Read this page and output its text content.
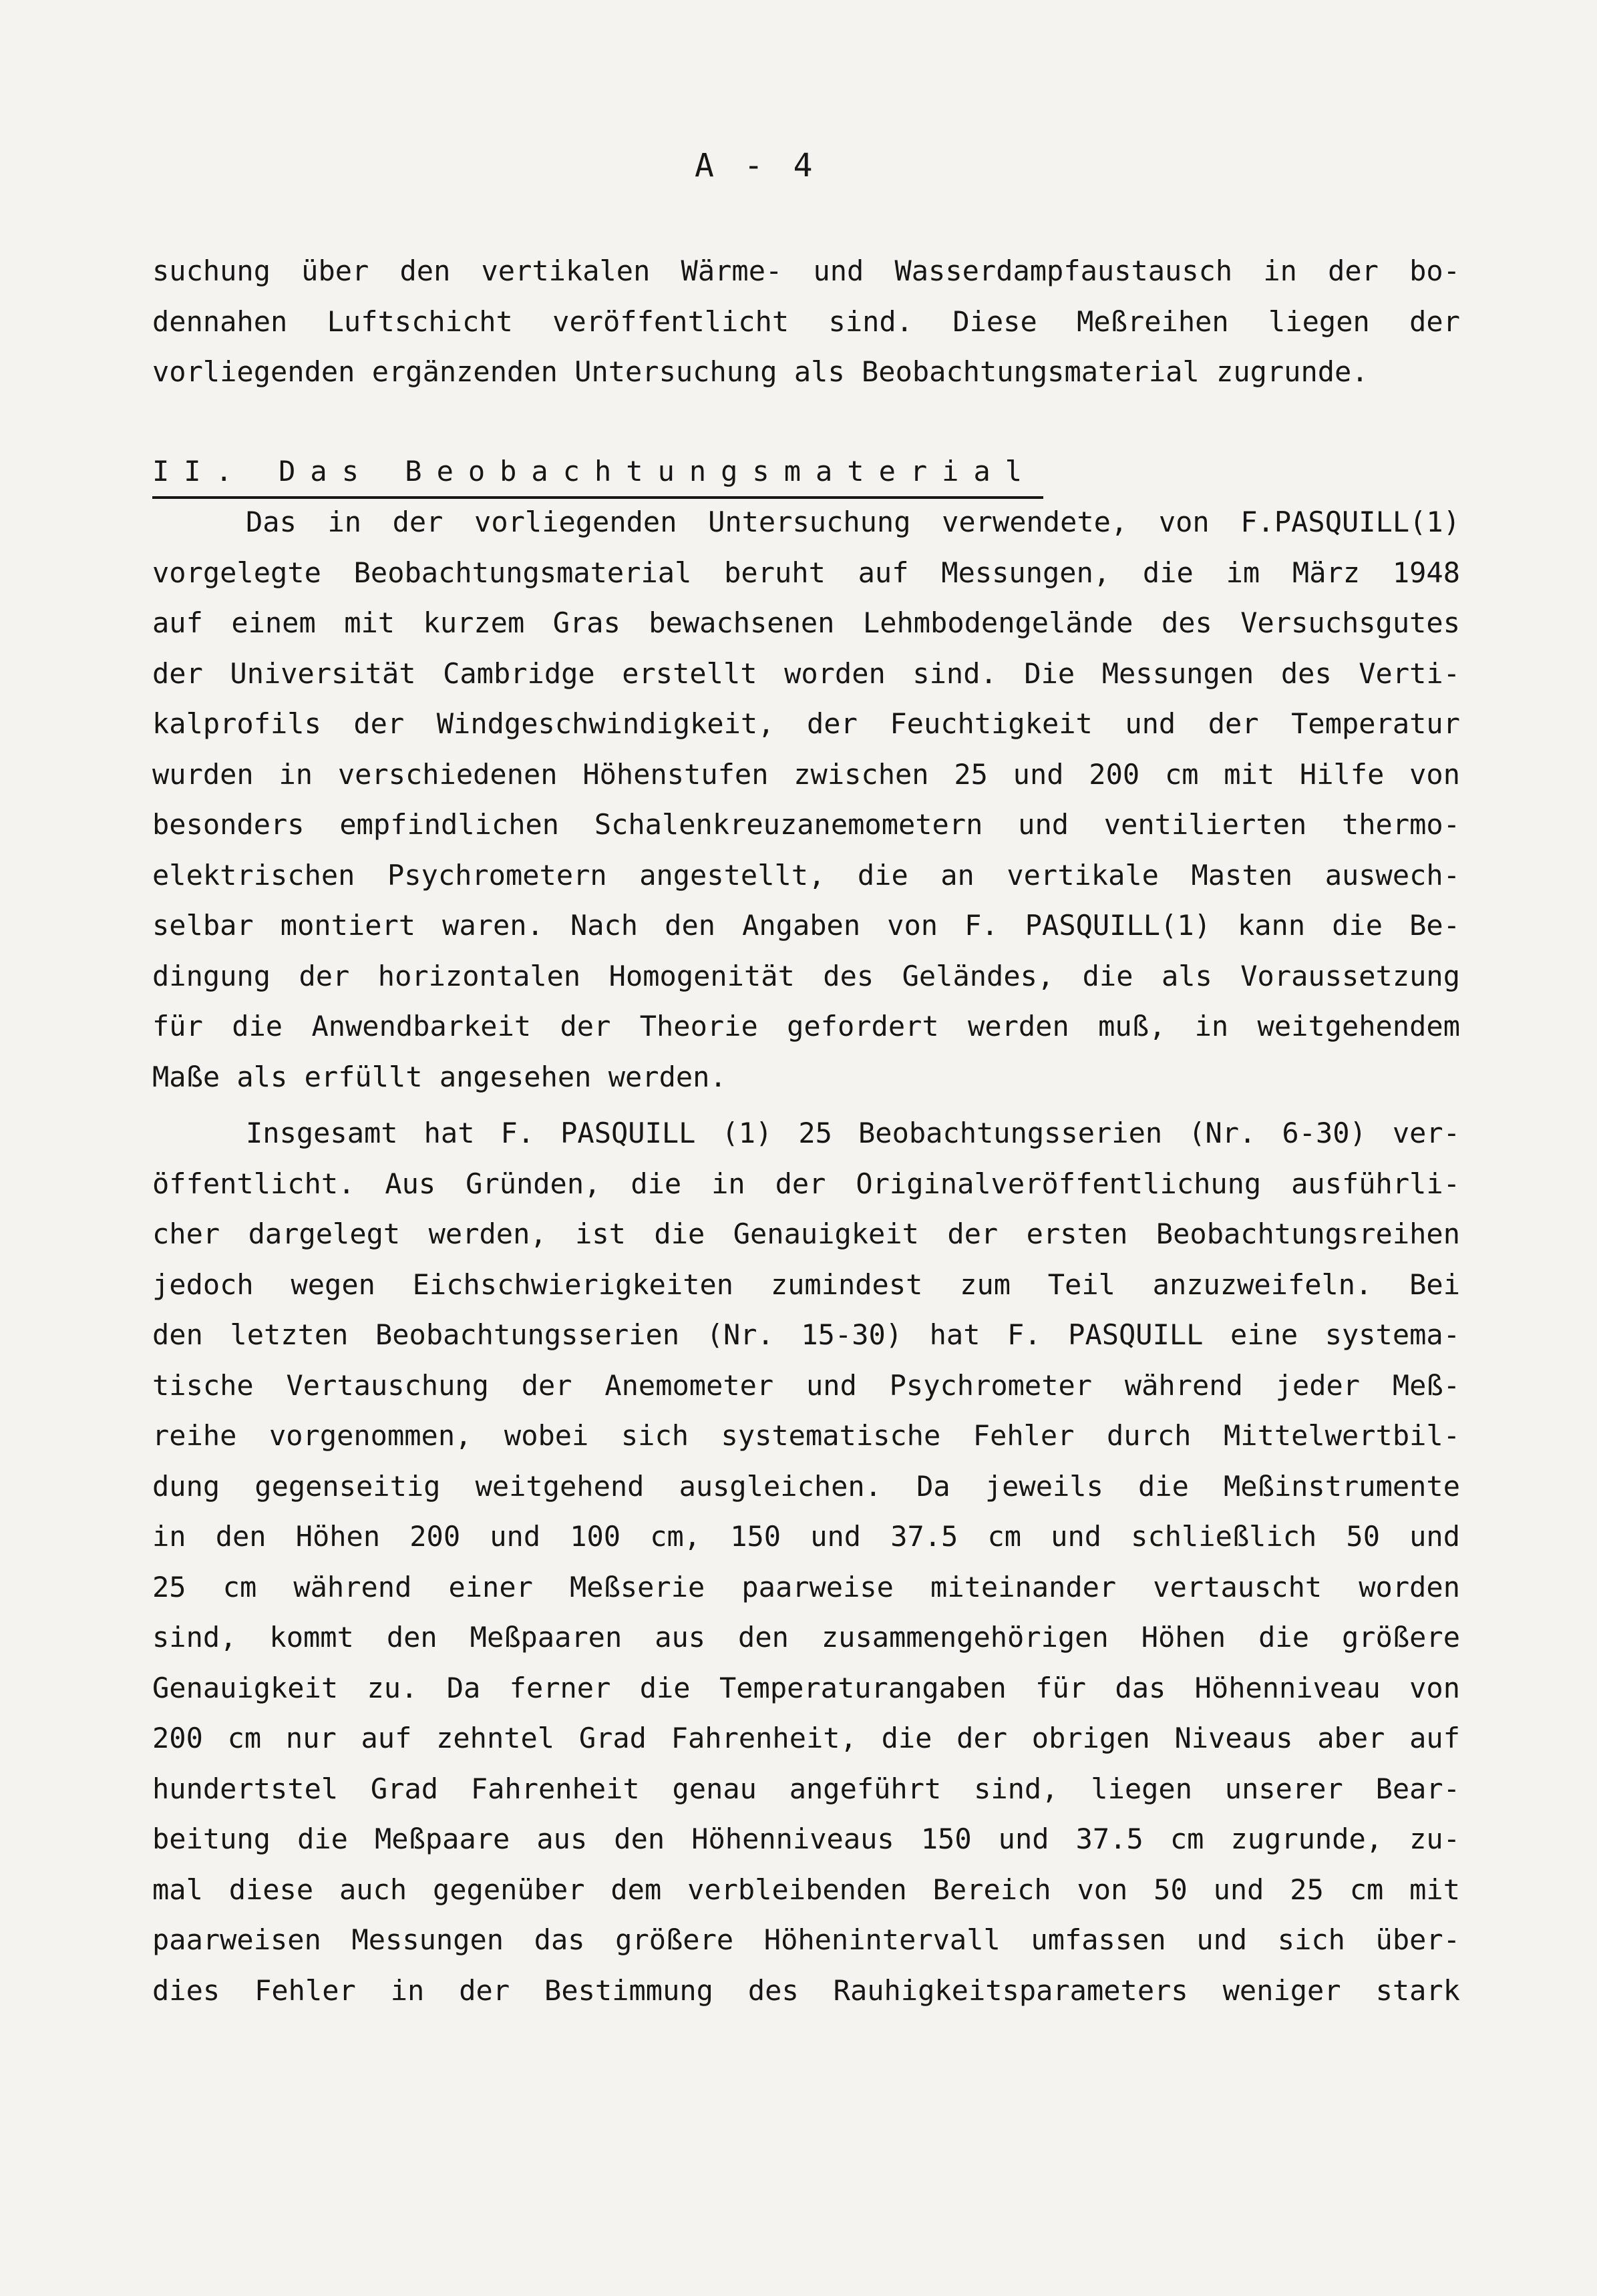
A - 4
suchung über den vertikalen Wärme- und Wasserdampfaustausch in der bo-
dennahen Luftschicht veröffentlicht sind. Diese Meßreihen liegen der
vorliegenden ergänzenden Untersuchung als Beobachtungsmaterial zugrunde.
II. Das Beobachtungsmaterial
Das in der vorliegenden Untersuchung verwendete, von F.PASQUILL(1)
vorgelegte Beobachtungsmaterial beruht auf Messungen, die im März 1948
auf einem mit kurzem Gras bewachsenen Lehmbodengelände des Versuchsgutes
der Universität Cambridge erstellt worden sind. Die Messungen des Verti-
kalprofils der Windgeschwindigkeit, der Feuchtigkeit und der Temperatur
wurden in verschiedenen Höhenstufen zwischen 25 und 200 cm mit Hilfe von
besonders empfindlichen Schalenkreuzanemometern und ventilierten thermo-
elektrischen Psychrometern angestellt, die an vertikale Masten auswech-
selbar montiert waren. Nach den Angaben von F. PASQUILL(1) kann die Be-
dingung der horizontalen Homogenität des Geländes, die als Voraussetzung
für die Anwendbarkeit der Theorie gefordert werden muß, in weitgehendem
Maße als erfüllt angesehen werden.
Insgesamt hat F. PASQUILL (1) 25 Beobachtungsserien (Nr. 6-30) ver-
öffentlicht. Aus Gründen, die in der Originalveröffentlichung ausführli-
cher dargelegt werden, ist die Genauigkeit der ersten Beobachtungsreihen
jedoch wegen Eichschwierigkeiten zumindest zum Teil anzuzweifeln. Bei
den letzten Beobachtungsserien (Nr. 15-30) hat F. PASQUILL eine systema-
tische Vertauschung der Anemometer und Psychrometer während jeder Meß-
reihe vorgenommen, wobei sich systematische Fehler durch Mittelwertbil-
dung gegenseitig weitgehend ausgleichen. Da jeweils die Meßinstrumente
in den Höhen 200 und 100 cm, 150 und 37.5 cm und schließlich 50 und
25 cm während einer Meßserie paarweise miteinander vertauscht worden
sind, kommt den Meßpaaren aus den zusammengehörigen Höhen die größere
Genauigkeit zu. Da ferner die Temperaturangaben für das Höhenniveau von
200 cm nur auf zehntel Grad Fahrenheit, die der obrigen Niveaus aber auf
hundertstel Grad Fahrenheit genau angeführt sind, liegen unserer Bear-
beitung die Meßpaare aus den Höhenniveaus 150 und 37.5 cm zugrunde, zu-
mal diese auch gegenüber dem verbleibenden Bereich von 50 und 25 cm mit
paarweisen Messungen das größere Höhenintervall umfassen und sich über-
dies Fehler in der Bestimmung des Rauhigkeitsparameters weniger stark
